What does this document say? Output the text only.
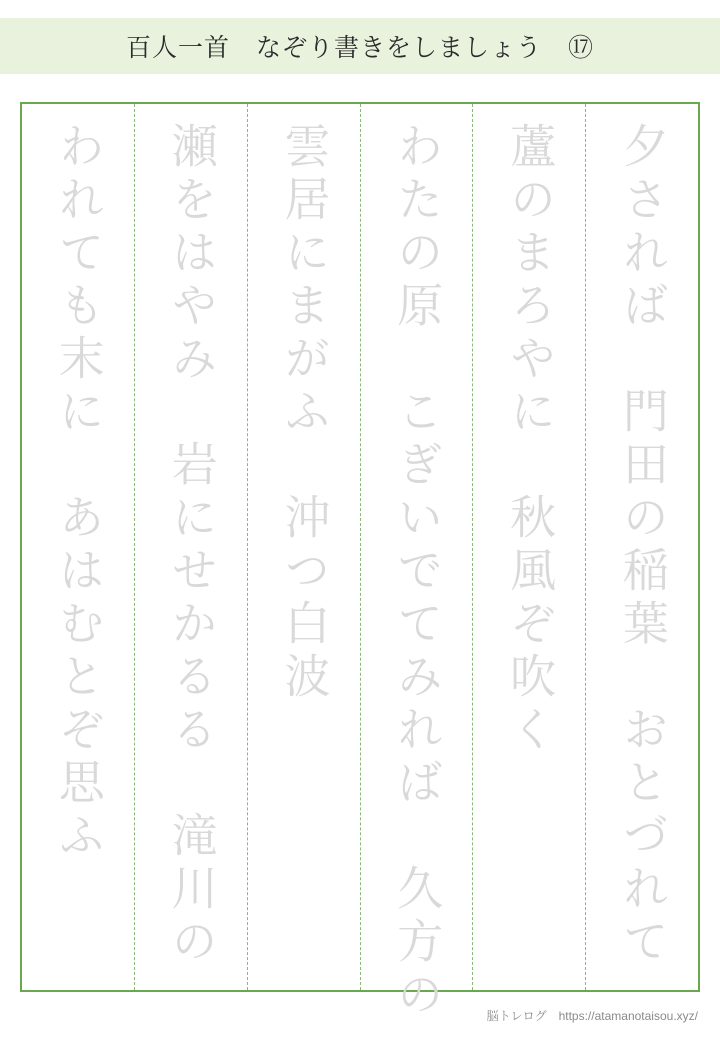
百人一首　なぞり書きをしましょう　⑰
夕されば　門田の稲葉　おとづれて
蘆のまろやに　秋風ぞ吹く
わたの原　こぎいでてみれば　久方の
雲居にまがふ　沖つ白波
瀬をはやみ　岩にせかるる　滝川の
われても末に　あはむとぞ思ふ
脳トレログ　https://atamanotaisou.xyz/
